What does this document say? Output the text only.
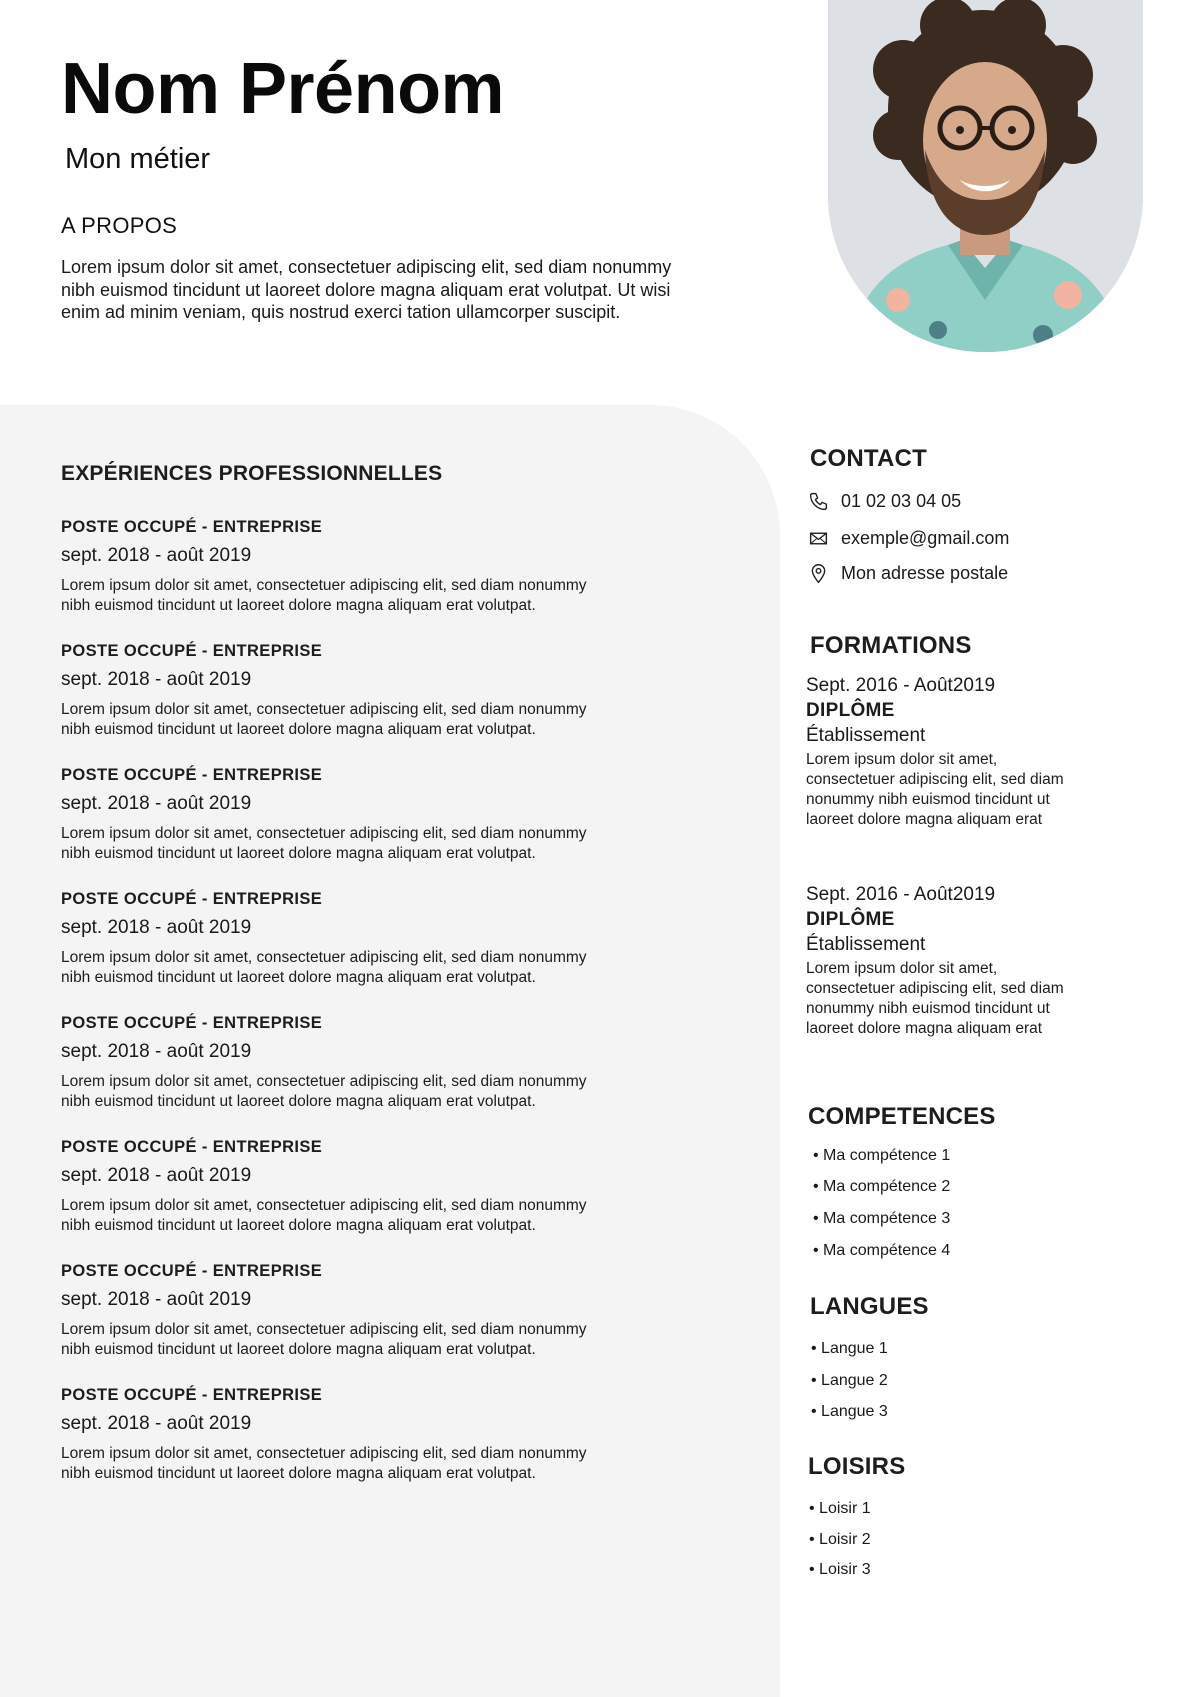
Nom Prénom
Mon métier
A PROPOS
Lorem ipsum dolor sit amet, consectetuer adipiscing elit, sed diam nonummy
nibh euismod tincidunt ut laoreet dolore magna aliquam erat volutpat. Ut wisi
enim ad minim veniam, quis nostrud exerci tation ullamcorper suscipit.
EXPÉRIENCES PROFESSIONNELLES
POSTE OCCUPÉ - ENTREPRISE
sept. 2018 - août 2019
Lorem ipsum dolor sit amet, consectetuer adipiscing elit, sed diam nonummy
nibh euismod tincidunt ut laoreet dolore magna aliquam erat volutpat.
POSTE OCCUPÉ - ENTREPRISE
sept. 2018 - août 2019
Lorem ipsum dolor sit amet, consectetuer adipiscing elit, sed diam nonummy
nibh euismod tincidunt ut laoreet dolore magna aliquam erat volutpat.
POSTE OCCUPÉ - ENTREPRISE
sept. 2018 - août 2019
Lorem ipsum dolor sit amet, consectetuer adipiscing elit, sed diam nonummy
nibh euismod tincidunt ut laoreet dolore magna aliquam erat volutpat.
POSTE OCCUPÉ - ENTREPRISE
sept. 2018 - août 2019
Lorem ipsum dolor sit amet, consectetuer adipiscing elit, sed diam nonummy
nibh euismod tincidunt ut laoreet dolore magna aliquam erat volutpat.
POSTE OCCUPÉ - ENTREPRISE
sept. 2018 - août 2019
Lorem ipsum dolor sit amet, consectetuer adipiscing elit, sed diam nonummy
nibh euismod tincidunt ut laoreet dolore magna aliquam erat volutpat.
POSTE OCCUPÉ - ENTREPRISE
sept. 2018 - août 2019
Lorem ipsum dolor sit amet, consectetuer adipiscing elit, sed diam nonummy
nibh euismod tincidunt ut laoreet dolore magna aliquam erat volutpat.
POSTE OCCUPÉ - ENTREPRISE
sept. 2018 - août 2019
Lorem ipsum dolor sit amet, consectetuer adipiscing elit, sed diam nonummy
nibh euismod tincidunt ut laoreet dolore magna aliquam erat volutpat.
POSTE OCCUPÉ - ENTREPRISE
sept. 2018 - août 2019
Lorem ipsum dolor sit amet, consectetuer adipiscing elit, sed diam nonummy
nibh euismod tincidunt ut laoreet dolore magna aliquam erat volutpat.
CONTACT
01 02 03 04 05
exemple@gmail.com
Mon adresse postale
FORMATIONS
Sept. 2016 - Août2019
DIPLÔME
Établissement
Lorem ipsum dolor sit amet,
consectetuer adipiscing elit, sed diam
nonummy nibh euismod tincidunt ut
laoreet dolore magna aliquam erat
Sept. 2016 - Août2019
DIPLÔME
Établissement
Lorem ipsum dolor sit amet,
consectetuer adipiscing elit, sed diam
nonummy nibh euismod tincidunt ut
laoreet dolore magna aliquam erat
COMPETENCES
• Ma compétence 1
• Ma compétence 2
• Ma compétence 3
• Ma compétence 4
LANGUES
• Langue 1
• Langue 2
• Langue 3
LOISIRS
• Loisir 1
• Loisir 2
• Loisir 3
